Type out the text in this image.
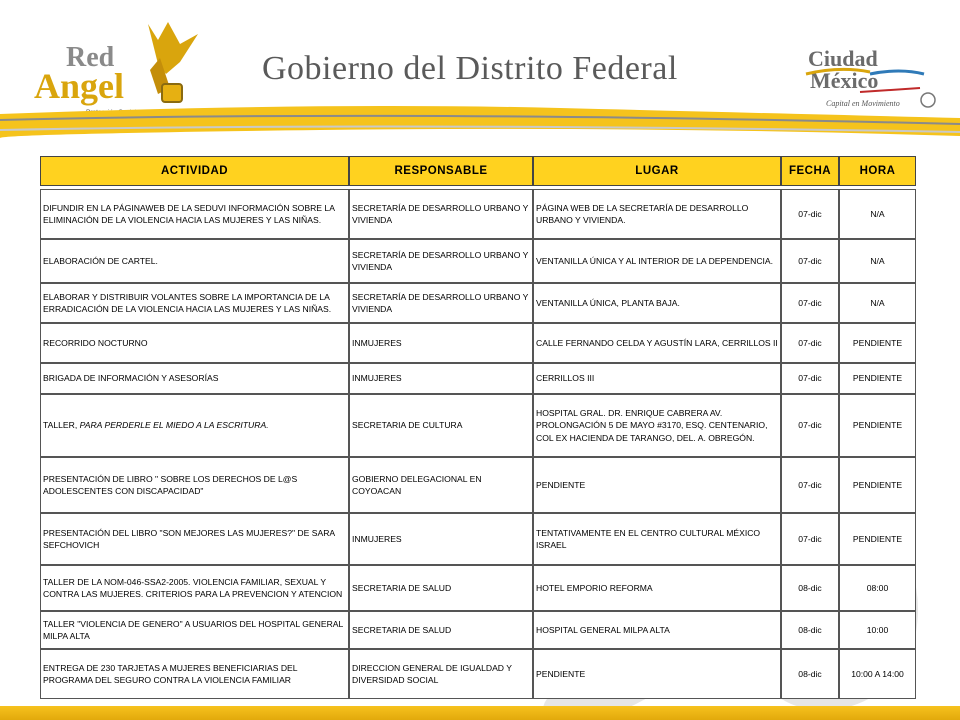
Red
Angel	Gobierno del Distrito Federal	Ciudad
México
Capital en Movimiento
ACTIVIDAD	RESPONSABLE	LUGAR	FECHA	HORA

DIFUNDIR EN LA PÁGINAWEB DE LA SEDUVI INFORMACIÓN SOBRE LA ELIMINACIÓN DE LA VIOLENCIA HACIA LAS MUJERES Y LAS NIÑAS.	SECRETARÍA DE DESARROLLO URBANO Y VIVIENDA	PÁGINA WEB DE LA SECRETARÍA DE DESARROLLO URBANO Y VIVIENDA.	07-dic	N/A
ELABORACIÓN DE CARTEL.	SECRETARÍA DE DESARROLLO URBANO Y VIVIENDA	VENTANILLA ÚNICA Y AL INTERIOR DE LA DEPENDENCIA.	07-dic	N/A
ELABORAR Y DISTRIBUIR VOLANTES SOBRE LA IMPORTANCIA DE LA ERRADICACIÓN DE LA VIOLENCIA HACIA LAS MUJERES Y LAS NIÑAS.	SECRETARÍA DE DESARROLLO URBANO Y VIVIENDA	VENTANILLA ÚNICA, PLANTA BAJA.	07-dic	N/A
RECORRIDO NOCTURNO	INMUJERES	CALLE FERNANDO CELDA Y AGUSTÍN LARA, CERRILLOS II	07-dic	PENDIENTE
BRIGADA DE INFORMACIÓN Y ASESORÍAS	INMUJERES	CERRILLOS III	07-dic	PENDIENTE
TALLER, PARA PERDERLE EL MIEDO A LA ESCRITURA.	SECRETARIA DE CULTURA	HOSPITAL GRAL. DR. ENRIQUE CABRERA AV. PROLONGACIÓN 5 DE MAYO #3170, ESQ. CENTENARIO, COL EX HACIENDA DE TARANGO, DEL. A. OBREGÓN.	07-dic	PENDIENTE
PRESENTACIÓN DE LIBRO " SOBRE LOS DERECHOS DE L@S ADOLESCENTES CON DISCAPACIDAD"	GOBIERNO DELEGACIONAL EN COYOACAN	PENDIENTE	07-dic	PENDIENTE
PRESENTACIÓN DEL LIBRO "SON MEJORES LAS MUJERES?" DE SARA SEFCHOVICH	INMUJERES	TENTATIVAMENTE EN EL CENTRO CULTURAL MÉXICO ISRAEL	07-dic	PENDIENTE
TALLER DE LA NOM-046-SSA2-2005. VIOLENCIA FAMILIAR, SEXUAL Y CONTRA LAS MUJERES. CRITERIOS PARA LA PREVENCION Y ATENCION	SECRETARIA DE SALUD	HOTEL EMPORIO REFORMA	08-dic	08:00
TALLER "VIOLENCIA DE GENERO" A USUARIOS DEL HOSPITAL GENERAL MILPA ALTA	SECRETARIA DE SALUD	HOSPITAL GENERAL MILPA ALTA	08-dic	10:00
ENTREGA DE 230 TARJETAS A MUJERES BENEFICIARIAS DEL PROGRAMA DEL SEGURO CONTRA LA VIOLENCIA FAMILIAR	DIRECCION GENERAL DE IGUALDAD Y DIVERSIDAD SOCIAL	PENDIENTE	08-dic	10:00 A 14:00
